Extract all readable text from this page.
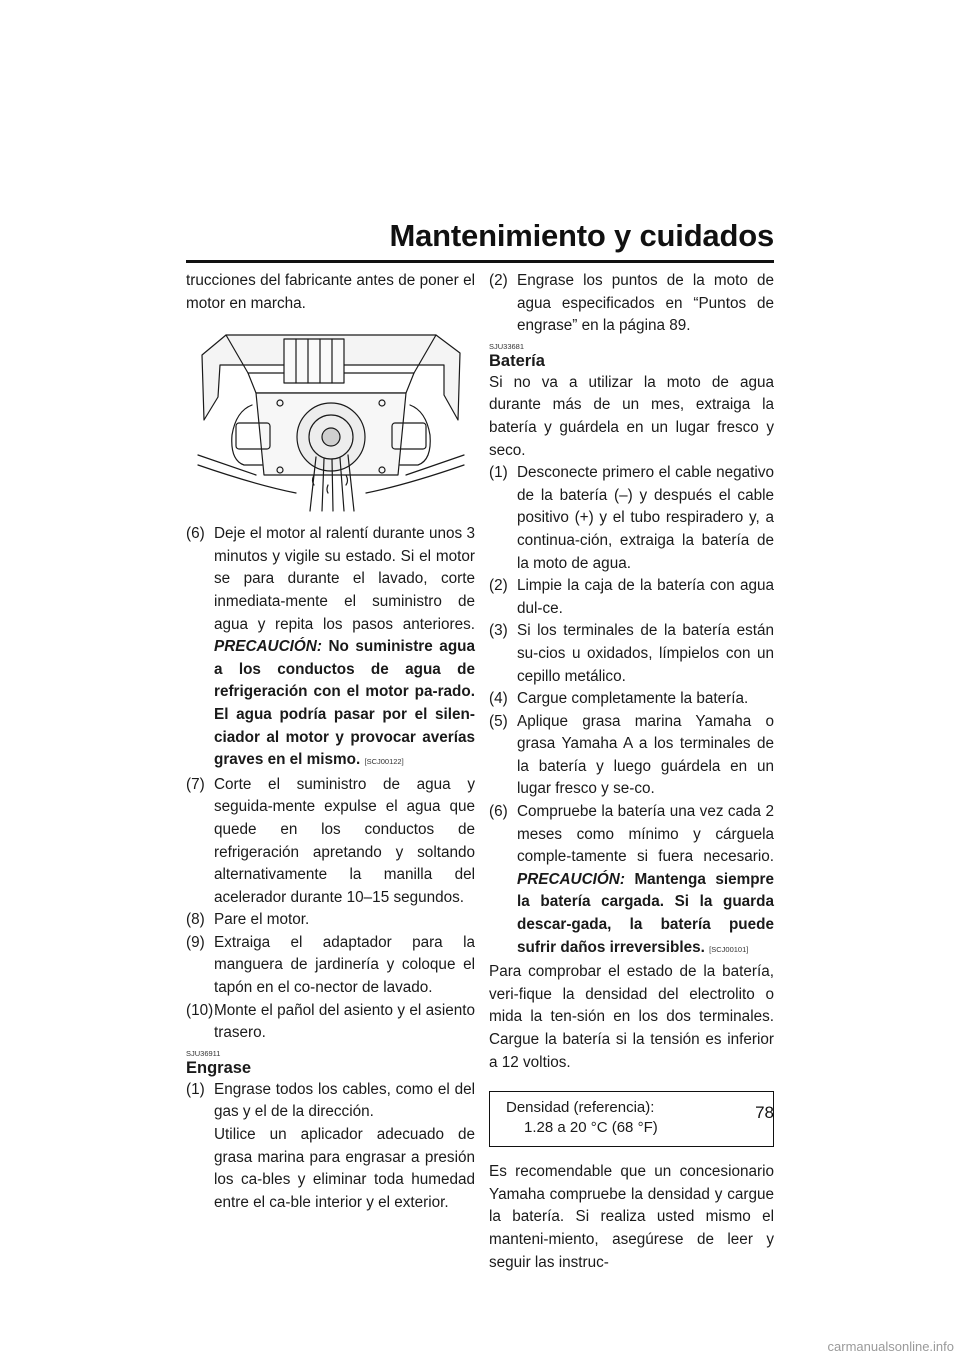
Mantenimiento y cuidados

trucciones del fabricante antes de poner el motor en marcha.

(6) Deje el motor al ralentí durante unos 3 minutos y vigile su estado. Si el motor se para durante el lavado, corte inmediata-mente el suministro de agua y repita los pasos anteriores. PRECAUCIÓN: No suministre agua a los conductos de agua de refrigeración con el motor pa-rado. El agua podría pasar por el silen-ciador al motor y provocar averías graves en el mismo. [SCJ00122]
(7) Corte el suministro de agua y seguida-mente expulse el agua que quede en los conductos de refrigeración apretando y soltando alternativamente la manilla del acelerador durante 10–15 segundos.
(8) Pare el motor.
(9) Extraiga el adaptador para la manguera de jardinería y coloque el tapón en el co-nector de lavado.
(10) Monte el pañol del asiento y el asiento trasero.
SJU36911
Engrase
(1) Engrase todos los cables, como el del gas y el de la dirección.
Utilice un aplicador adecuado de grasa marina para engrasar a presión los ca-bles y eliminar toda humedad entre el ca-ble interior y el exterior.
(2) Engrase los puntos de la moto de agua especificados en “Puntos de engrase” en la página 89.
SJU33681
Batería

Si no va a utilizar la moto de agua durante más de un mes, extraiga la batería y guárdela en un lugar fresco y seco.

(1) Desconecte primero el cable negativo de la batería (–) y después el cable positivo (+) y el tubo respiradero y, a continua-ción, extraiga la batería de la moto de agua.
(2) Limpie la caja de la batería con agua dul-ce.
(3) Si los terminales de la batería están su-cios u oxidados, límpielos con un cepillo metálico.
(4) Cargue completamente la batería.
(5) Aplique grasa marina Yamaha o grasa Yamaha A a los terminales de la batería y luego guárdela en un lugar fresco y se-co.
(6) Compruebe la batería una vez cada 2 meses como mínimo y cárguela comple-tamente si fuera necesario. PRECAUCIÓN: Mantenga siempre la batería cargada. Si la guarda descar-gada, la batería puede sufrir daños irreversibles. [SCJ00101]

Para comprobar el estado de la batería, veri-fique la densidad del electrolito o mida la ten-sión en los dos terminales. Cargue la batería si la tensión es inferior a 12 voltios.

Densidad (referencia):
1.28 a 20 °C (68 °F)

Es recomendable que un concesionario Yamaha compruebe la densidad y cargue la batería. Si realiza usted mismo el manteni-miento, asegúrese de leer y seguir las instruc-

78
carmanualsonline.info
